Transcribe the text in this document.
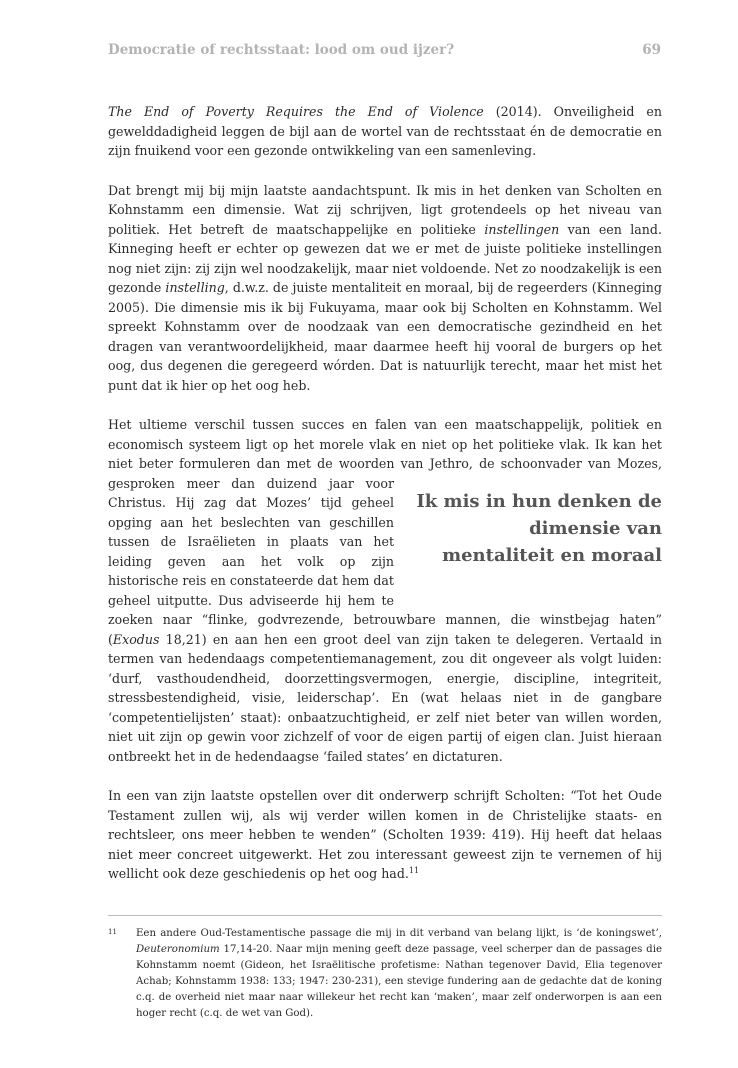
Democratie of rechtsstaat: lood om oud ijzer?	69

The End of Poverty Requires the End of Violence (2014). Onveiligheid en gewelddadigheid leggen de bijl aan de wortel van de rechtsstaat én de democratie en zijn fnuikend voor een gezonde ontwikkeling van een samenleving.

Dat brengt mij bij mijn laatste aandachtspunt. Ik mis in het denken van Scholten en Kohnstamm een dimensie. Wat zij schrijven, ligt grotendeels op het niveau van politiek. Het betreft de maatschappelijke en politieke instellingen van een land. Kinneging heeft er echter op gewezen dat we er met de juiste politieke instellingen nog niet zijn: zij zijn wel noodzakelijk, maar niet voldoende. Net zo noodzakelijk is een gezonde instelling, d.w.z. de juiste mentaliteit en moraal, bij de regeerders (Kinneging 2005). Die dimensie mis ik bij Fukuyama, maar ook bij Scholten en Kohnstamm. Wel spreekt Kohnstamm over de noodzaak van een democratische gezindheid en het dragen van verantwoordelijkheid, maar daarmee heeft hij vooral de burgers op het oog, dus degenen die geregeerd wórden. Dat is natuurlijk terecht, maar het mist het punt dat ik hier op het oog heb.

Het ultieme verschil tussen succes en falen van een maatschappelijk, politiek en economisch systeem ligt op het morele vlak en niet op het politieke vlak. Ik kan het niet beter formuleren dan met de woorden van Jethro, de schoonvader van Mozes, gesproken meer
Ik mis in hun denken de dimensie van mentaliteit en moraal
dan duizend jaar voor Christus. Hij zag dat Mozes’ tijd geheel opging aan het beslechten van geschillen tussen de Israëlieten in plaats van het leiding geven aan het volk op zijn historische reis en constateerde dat hem dat geheel uitputte. Dus adviseerde hij hem te zoeken naar “flinke, godvrezende, betrouwbare mannen, die winstbejag haten” (Exodus 18,21) en aan hen een groot deel van zijn taken te delegeren. Vertaald in termen van hedendaags competentiemanagement, zou dit ongeveer als volgt luiden: ‘durf, vasthoudendheid, doorzettingsvermogen, energie, discipline, integriteit, stressbestendigheid, visie, leiderschap’. En (wat helaas niet in de gangbare ‘competentielijsten’ staat): onbaatzuchtigheid, er zelf niet beter van willen worden, niet uit zijn op gewin voor zichzelf of voor de eigen partij of eigen clan. Juist hieraan ontbreekt het in de hedendaagse ‘failed states’ en dictaturen.

In een van zijn laatste opstellen over dit onderwerp schrijft Scholten: “Tot het Oude Testament zullen wij, als wij verder willen komen in de Christelijke staats- en rechtsleer, ons meer hebben te wenden” (Scholten 1939: 419). Hij heeft dat helaas niet meer concreet uitgewerkt. Het zou interessant geweest zijn te vernemen of hij wellicht ook deze geschiedenis op het oog had.$^{11}$

11	Een andere Oud-Testamentische passage die mij in dit verband van belang lijkt, is ‘de koningswet’, Deuteronomium 17,14-20. Naar mijn mening geeft deze passage, veel scherper dan de passages die Kohnstamm noemt (Gideon, het Israëlitische profetisme: Nathan tegenover David, Elia tegenover Achab; Kohnstamm 1938: 133; 1947: 230-231), een stevige fundering aan de gedachte dat de koning c.q. de overheid niet maar naar willekeur het recht kan ‘maken’, maar zelf onderworpen is aan een hoger recht (c.q. de wet van God).
